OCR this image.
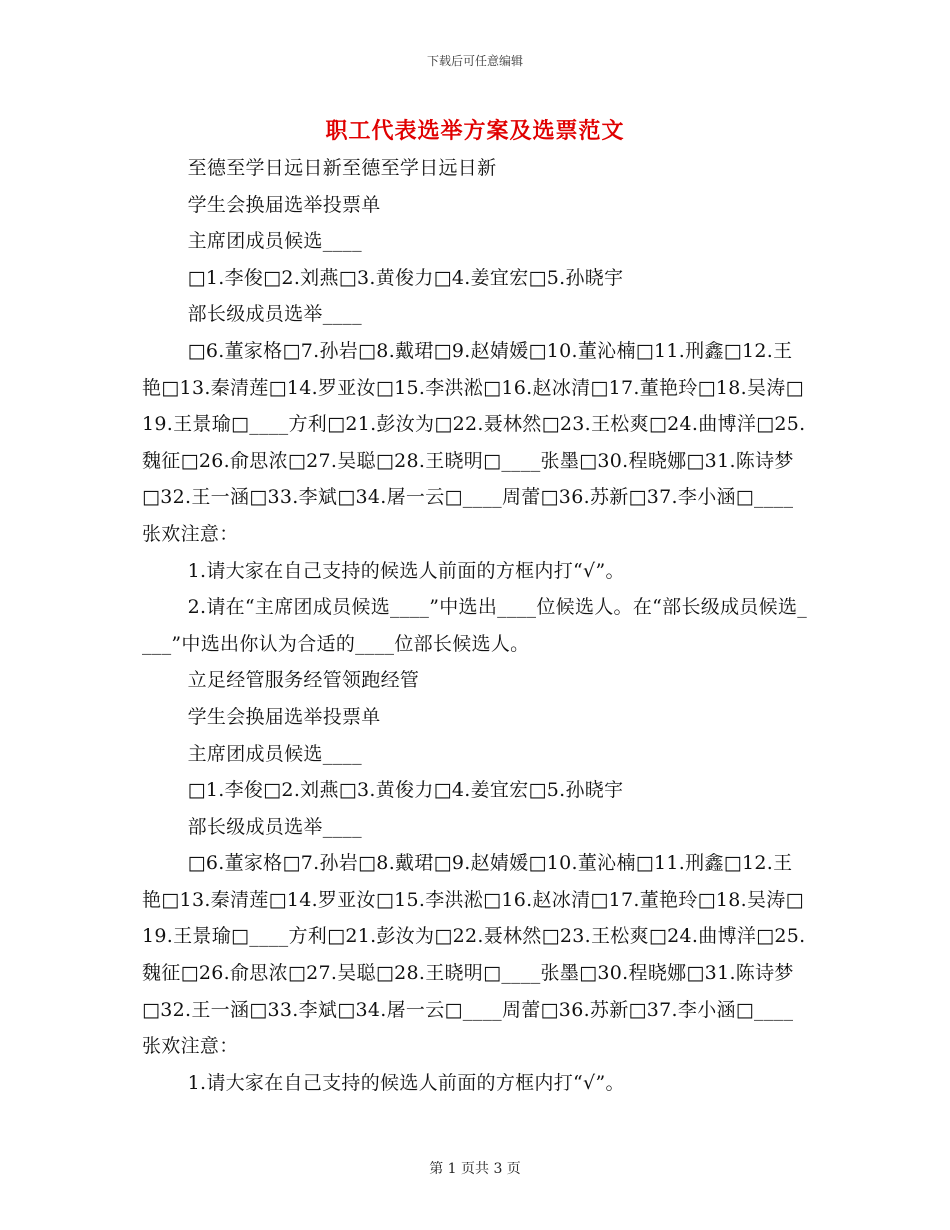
下载后可任意编辑
职工代表选举方案及选票范文

至德至学日远日新至德至学日远日新

学生会换届选举投票单

主席团成员候选____

□1.李俊□2.刘燕□3.黄俊力□4.姜宜宏□5.孙晓宇

部长级成员选举____

□6.董家格□7.孙岩□8.戴珺□9.赵婧媛□10.董沁楠□11.刑鑫□12.王艳□13.秦清莲□14.罗亚汝□15.李洪淞□16.赵冰清□17.董艳玲□18.吴涛□19.王景瑜□____方利□21.彭汝为□22.聂林然□23.王松爽□24.曲博洋□25.魏征□26.俞思浓□27.吴聪□28.王晓明□____张墨□30.程晓娜□31.陈诗梦□32.王一涵□33.李斌□34.屠一云□____周蕾□36.苏新□37.李小涵□____张欢注意：

1.请大家在自己支持的候选人前面的方框内打“√”。

2.请在“主席团成员候选____”中选出____位候选人。在“部长级成员候选____”中选出你认为合适的____位部长候选人。

立足经管服务经管领跑经管

学生会换届选举投票单

主席团成员候选____

□1.李俊□2.刘燕□3.黄俊力□4.姜宜宏□5.孙晓宇

部长级成员选举____

□6.董家格□7.孙岩□8.戴珺□9.赵婧媛□10.董沁楠□11.刑鑫□12.王艳□13.秦清莲□14.罗亚汝□15.李洪淞□16.赵冰清□17.董艳玲□18.吴涛□19.王景瑜□____方利□21.彭汝为□22.聂林然□23.王松爽□24.曲博洋□25.魏征□26.俞思浓□27.吴聪□28.王晓明□____张墨□30.程晓娜□31.陈诗梦□32.王一涵□33.李斌□34.屠一云□____周蕾□36.苏新□37.李小涵□____张欢注意：

1.请大家在自己支持的候选人前面的方框内打“√”。

第 1 页共 3 页
